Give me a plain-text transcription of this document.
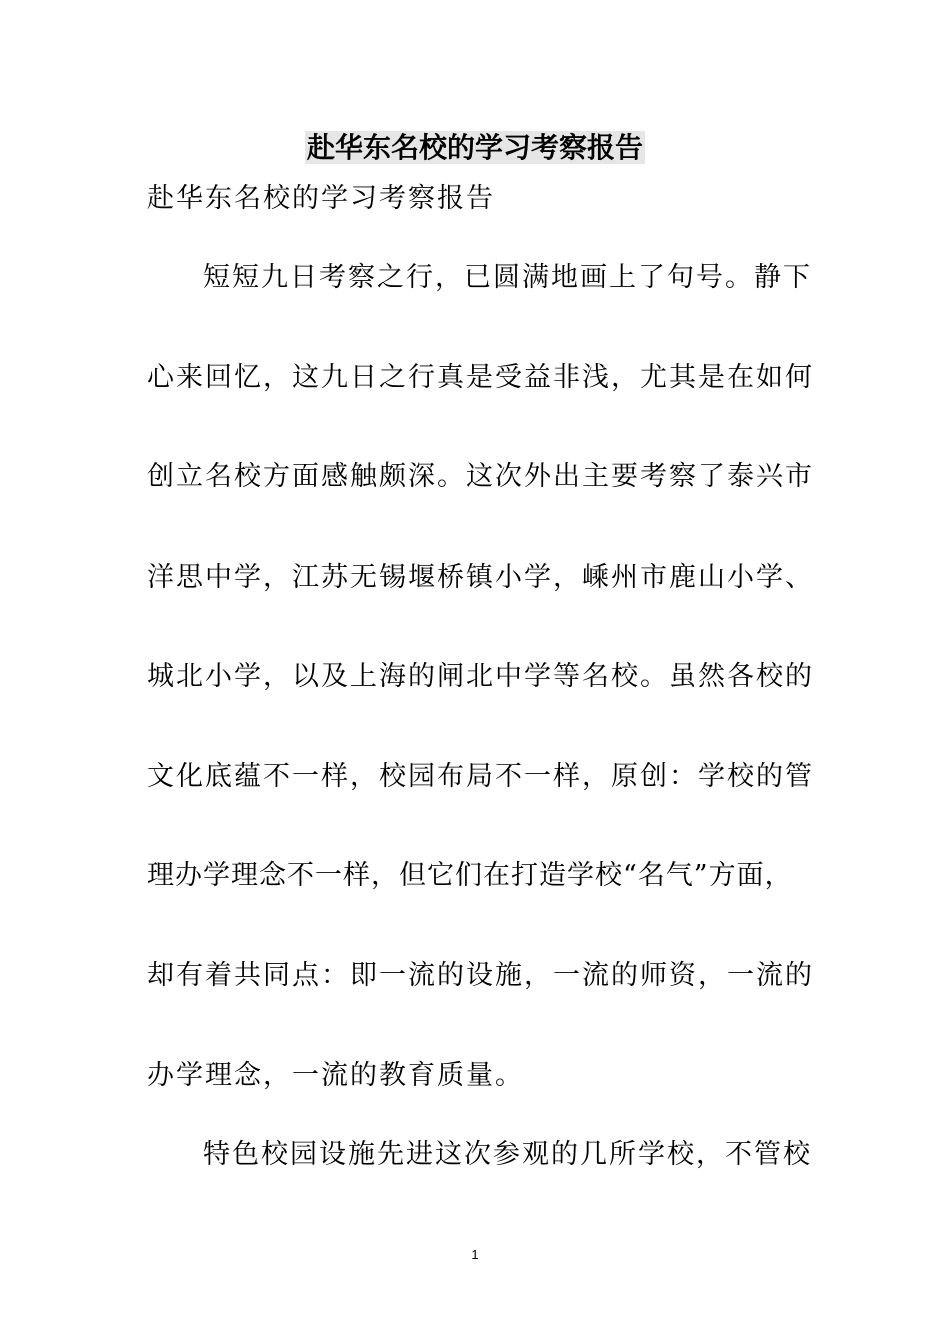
赴华东名校的学习考察报告
赴华东名校的学习考察报告
短短九日考察之行，已圆满地画上了句号。静下
心来回忆，这九日之行真是受益非浅，尤其是在如何
创立名校方面感触颇深。这次外出主要考察了泰兴市
洋思中学，江苏无锡堰桥镇小学，嵊州市鹿山小学、
城北小学，以及上海的闸北中学等名校。虽然各校的
文化底蕴不一样，校园布局不一样，原创：学校的管
理办学理念不一样，但它们在打造学校“名气”方面，
却有着共同点：即一流的设施，一流的师资，一流的
办学理念，一流的教育质量。
特色校园设施先进这次参观的几所学校，不管校
1
